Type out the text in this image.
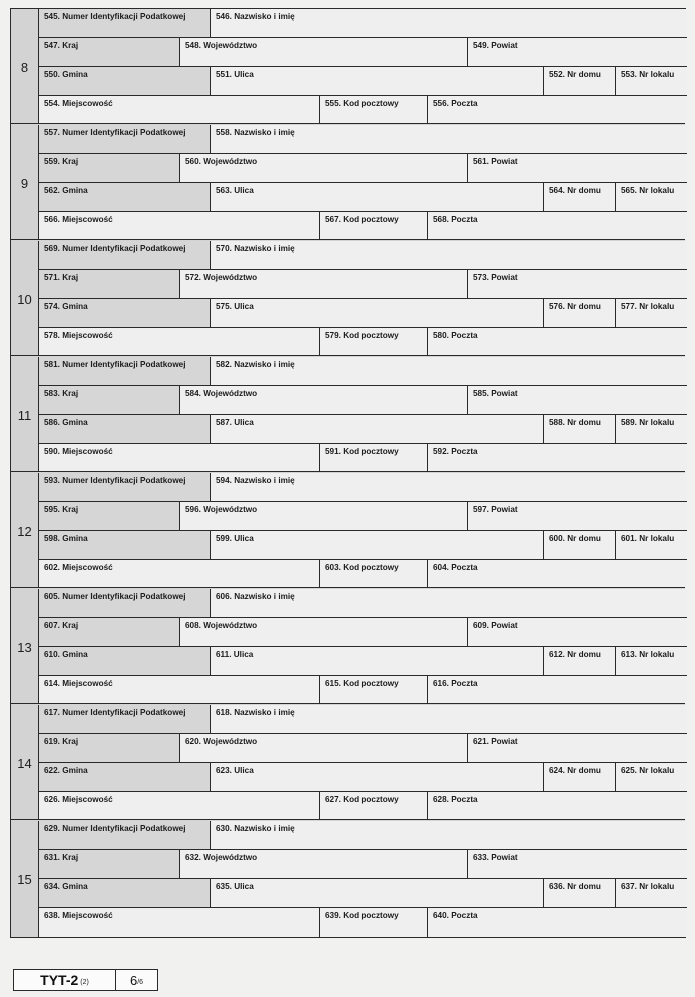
8
545. Numer Identyfikacji Podatkowej	546. Nazwisko i imię
547. Kraj	548. Województwo	549. Powiat
550. Gmina	551. Ulica	552. Nr domu 553. Nr lokalu
554. Miejscowość	555. Kod pocztowy	556. Poczta
9
557. Numer Identyfikacji Podatkowej	558. Nazwisko i imię
559. Kraj	560. Województwo	561. Powiat
562. Gmina	563. Ulica	564. Nr domu 565. Nr lokalu
566. Miejscowość	567. Kod pocztowy	568. Poczta
10
569. Numer Identyfikacji Podatkowej	570. Nazwisko i imię
571. Kraj	572. Województwo	573. Powiat
574. Gmina	575. Ulica	576. Nr domu 577. Nr lokalu
578. Miejscowość	579. Kod pocztowy	580. Poczta
11
581. Numer Identyfikacji Podatkowej	582. Nazwisko i imię
583. Kraj	584. Województwo	585. Powiat
586. Gmina	587. Ulica	588. Nr domu 589. Nr lokalu
590. Miejscowość	591. Kod pocztowy	592. Poczta
12
593. Numer Identyfikacji Podatkowej	594. Nazwisko i imię
595. Kraj	596. Województwo	597. Powiat
598. Gmina	599. Ulica	600. Nr domu 601. Nr lokalu
602. Miejscowość	603. Kod pocztowy	604. Poczta
13
605. Numer Identyfikacji Podatkowej	606. Nazwisko i imię
607. Kraj	608. Województwo	609. Powiat
610. Gmina	611. Ulica	612. Nr domu 613. Nr lokalu
614. Miejscowość	615. Kod pocztowy	616. Poczta
14
617. Numer Identyfikacji Podatkowej	618. Nazwisko i imię
619. Kraj	620. Województwo	621. Powiat
622. Gmina	623. Ulica	624. Nr domu 625. Nr lokalu
626. Miejscowość	627. Kod pocztowy	628. Poczta
15
629. Numer Identyfikacji Podatkowej	630. Nazwisko i imię
631. Kraj	632. Województwo	633. Powiat
634. Gmina	635. Ulica	636. Nr domu 637. Nr lokalu
638. Miejscowość	639. Kod pocztowy	640. Poczta
TYT-2 (2)	6 /6
